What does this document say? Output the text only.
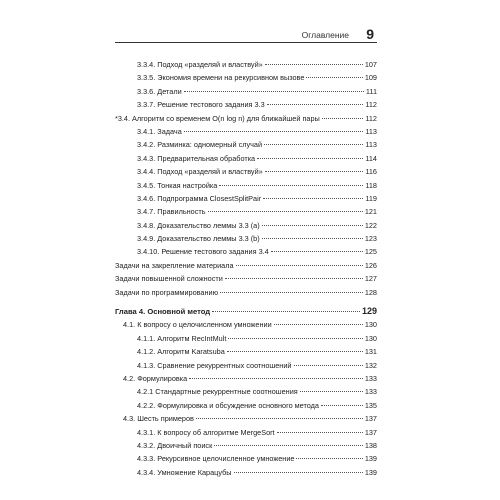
Оглавление 9
3.3.4. Подход «разделяй и властвуй»	107
3.3.5. Экономия времени на рекурсивном вызове	109
3.3.6. Детали	111
3.3.7. Решение тестового задания 3.3	112
*3.4. Алгоритм со временем O(n log n) для ближайшей пары	112
3.4.1. Задача	113
3.4.2. Разминка: одномерный случай	113
3.4.3. Предварительная обработка	114
3.4.4. Подход «разделяй и властвуй»	116
3.4.5. Тонкая настройка	118
3.4.6. Подпрограмма ClosestSplitPair	119
3.4.7. Правильность	121
3.4.8. Доказательство леммы 3.3 (a)	122
3.4.9. Доказательство леммы 3.3 (b)	123
3.4.10. Решение тестового задания 3.4	125
Задачи на закрепление материала	126
Задачи повышенной сложности	127
Задачи по программированию	128
Глава 4. Основной метод	129
4.1. К вопросу о целочисленном умножении	130
4.1.1. Алгоритм RecIntMult	130
4.1.2. Алгоритм Karatsuba	131
4.1.3. Сравнение рекуррентных соотношений	132
4.2. Формулировка	133
4.2.1 Стандартные рекуррентные соотношения	133
4.2.2. Формулировка и обсуждение основного метода	135
4.3. Шесть примеров	137
4.3.1. К вопросу об алгоритме MergeSort	137
4.3.2. Двоичный поиск	138
4.3.3. Рекурсивное целочисленное умножение	139
4.3.4. Умножение Карацубы	139
